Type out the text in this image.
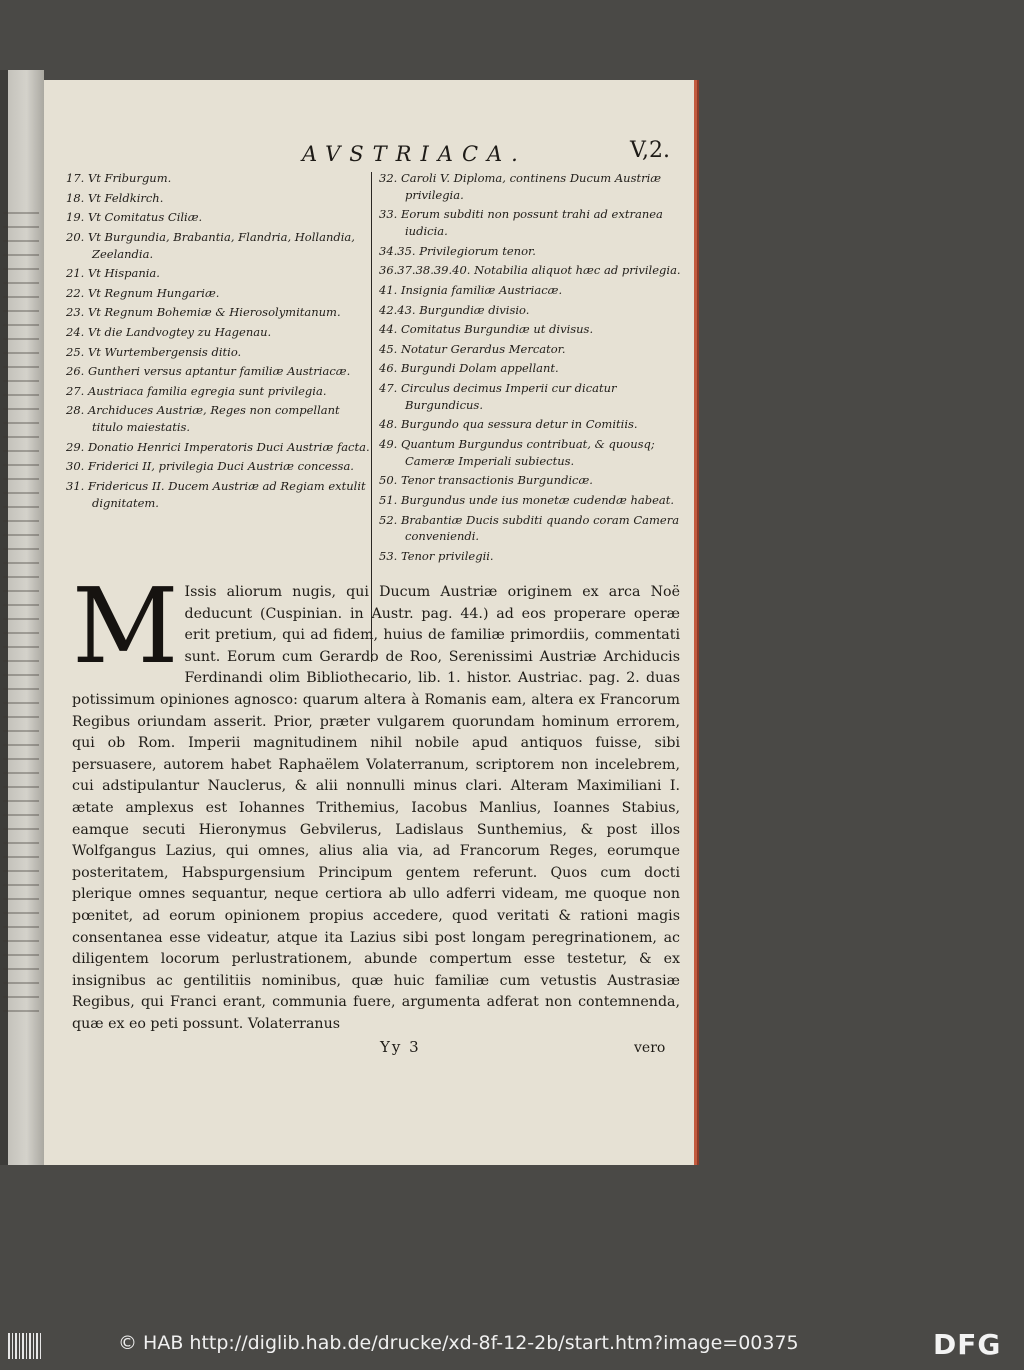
AVSTRIACA.	V,2.
17. Vt Friburgum.
18. Vt Feldkirch.
19. Vt Comitatus Ciliæ.
20. Vt Burgundia, Brabantia, Flandria, Hollandia, Zeelandia.
21. Vt Hispania.
22. Vt Regnum Hungariæ.
23. Vt Regnum Bohemiæ & Hierosolymitanum.
24. Vt die Landvogtey zu Hagenau.
25. Vt Wurtembergensis ditio.
26. Guntheri versus aptantur familiæ Austriacæ.
27. Austriaca familia egregia sunt privilegia.
28. Archiduces Austriæ, Reges non compellant titulo maiestatis.
29. Donatio Henrici Imperatoris Duci Austriæ facta.
30. Friderici II, privilegia Duci Austriæ concessa.
31. Fridericus II. Ducem Austriæ ad Regiam extulit dignitatem.
32. Caroli V. Diploma, continens Ducum Austriæ privilegia.
33. Eorum subditi non possunt trahi ad extranea iudicia.
34.35. Privilegiorum tenor.
36.37.38.39.40. Notabilia aliquot hæc ad privilegia.
41. Insignia familiæ Austriacæ.
42.43. Burgundiæ divisio.
44. Comitatus Burgundiæ ut divisus.
45. Notatur Gerardus Mercator.
46. Burgundi Dolam appellant.
47. Circulus decimus Imperii cur dicatur Burgundicus.
48. Burgundo qua sessura detur in Comitiis.
49. Quantum Burgundus contribuat, & quousq; Cameræ Imperiali subiectus.
50. Tenor transactionis Burgundicæ.
51. Burgundus unde ius monetæ cudendæ habeat.
52. Brabantiæ Ducis subditi quando coram Camera conveniendi.
53. Tenor privilegii.
M Issis aliorum nugis, qui Ducum Austriæ originem ex arca Noë deducunt (Cuspinian. in Austr. pag. 44.) ad eos properare operæ erit pretium, qui ad fidem, huius de familiæ primordiis, commentati sunt. Eorum cum Gerardo de Roo, Serenissimi Austriæ Archiducis Ferdinandi olim Bibliothecario, lib. 1. histor. Austriac. pag. 2. duas potissimum opiniones agnosco: quarum altera à Romanis eam, altera ex Francorum Regibus oriundam asserit. Prior, præter vulgarem quorundam hominum errorem, qui ob Rom. Imperii magnitudinem nihil nobile apud antiquos fuisse, sibi persuasere, autorem habet Raphaëlem Volaterranum, scriptorem non incelebrem, cui adstipulantur Nauclerus, & alii nonnulli minus clari. Alteram Maximiliani I. ætate amplexus est Iohannes Trithemius, Iacobus Manlius, Ioannes Stabius, eamque secuti Hieronymus Gebvilerus, Ladislaus Sunthemius, & post illos Wolfgangus Lazius, qui omnes, alius alia via, ad Francorum Reges, eorumque posteritatem, Habspurgensium Principum gentem referunt. Quos cum docti plerique omnes sequantur, neque certiora ab ullo adferri videam, me quoque non pœnitet, ad eorum opinionem propius accedere, quod veritati & rationi magis consentanea esse videatur, atque ita Lazius sibi post longam peregrinationem, ac diligentem locorum perlustrationem, abunde compertum esse testetur, & ex insignibus ac gentilitiis nominibus, quæ huic familiæ cum vetustis Austrasiæ Regibus, qui Franci erant, communia fuere, argumenta adferat non contemnenda, quæ ex eo peti possunt. Volaterranus
Yy 3	vero
© HAB http://diglib.hab.de/drucke/xd-8f-12-2b/start.htm?image=00375	DFG
